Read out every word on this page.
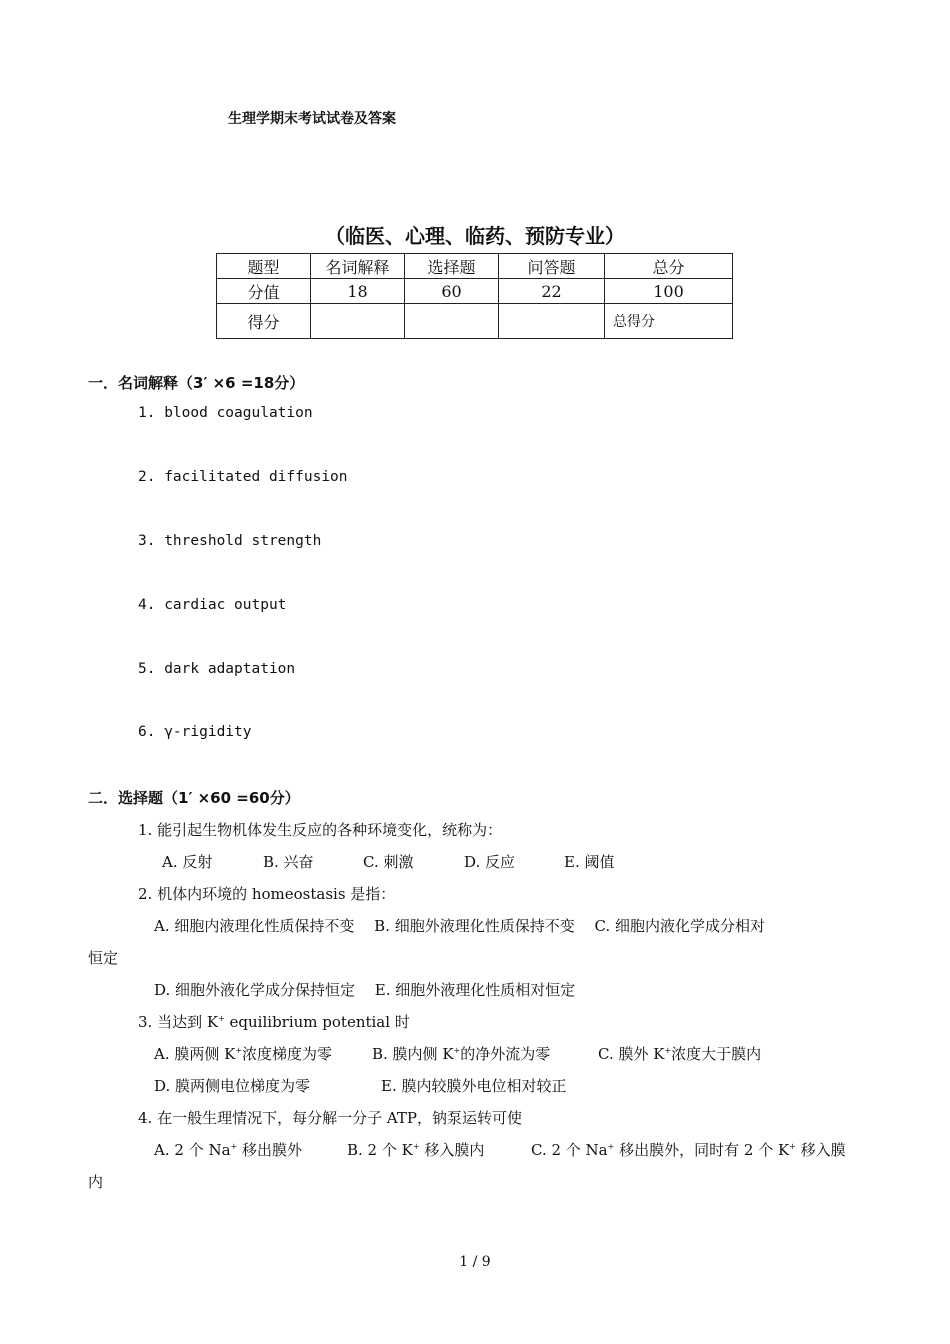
生理学期末考试试卷及答案
（临医、心理、临药、预防专业）
题型	名词解释	选择题	问答题	总分
分值	18	60	22	100
得分				总得分
一．名词解释（3′ ×6 =18分）
1. blood coagulation
2. facilitated diffusion
3. threshold strength
4. cardiac output
5. dark adaptation
6. γ-rigidity
二．选择题（1′ ×60 =60分）
1. 能引起生物机体发生反应的各种环境变化，统称为：
A. 反射	B. 兴奋	C. 刺激	D. 反应	E. 阈值
2. 机体内环境的 homeostasis 是指：
A. 细胞内液理化性质保持不变　 B. 细胞外液理化性质保持不变　 C. 细胞内液化学成分相对
恒定
D. 细胞外液化学成分保持恒定　 E. 细胞外液理化性质相对恒定
3. 当达到 K+ equilibrium potential 时
A. 膜两侧 K+浓度梯度为零	B. 膜内侧 K+的净外流为零	C. 膜外 K+浓度大于膜内
D. 膜两侧电位梯度为零	E. 膜内较膜外电位相对较正
4. 在一般生理情况下，每分解一分子 ATP，钠泵运转可使
A. 2 个 Na+ 移出膜外	B. 2 个 K+ 移入膜内	C. 2 个 Na+ 移出膜外，同时有 2 个 K+ 移入膜
内
1 / 9
